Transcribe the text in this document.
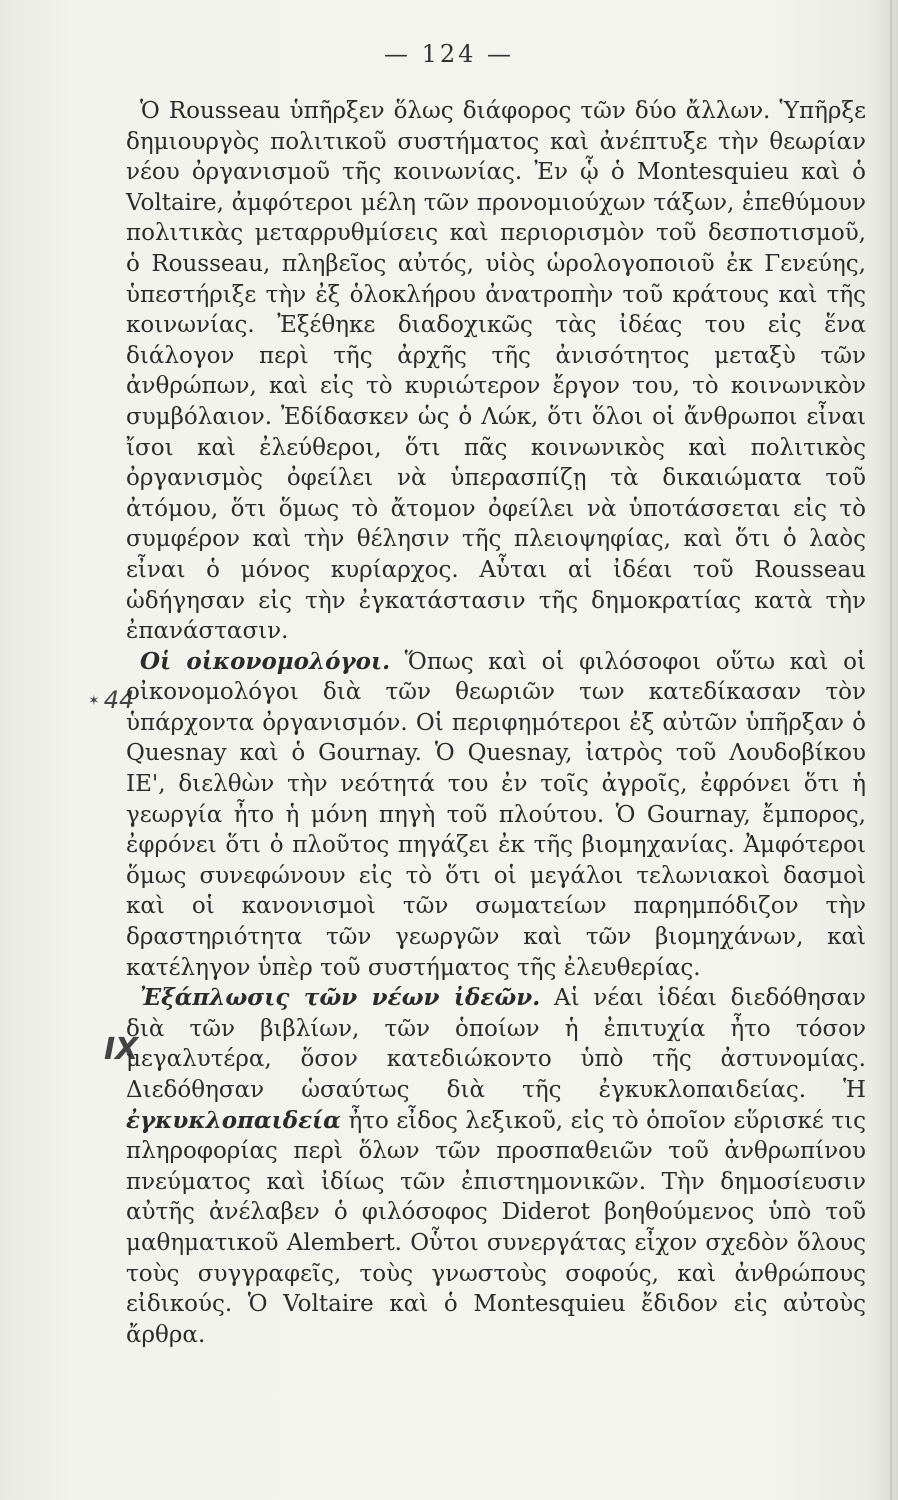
— 124 —
✶ 44
IX

Ὁ Rousseau ὑπῆρξεν ὅλως διάφορος τῶν δύο ἄλλων. Ὑπῆρξε δημιουργὸς πολιτικοῦ συστήματος καὶ ἀνέπτυξε τὴν θεωρίαν νέου ὀργανισμοῦ τῆς κοινωνίας. Ἐν ᾧ ὁ Montesquieu καὶ ὁ Voltaire, ἀμφότεροι μέλη τῶν προνομιούχων τάξων, ἐπεθύμουν πολιτικὰς μεταρρυθμίσεις καὶ περιορισμὸν τοῦ δεσποτισμοῦ, ὁ Rousseau, πληβεῖος αὐτός, υἱὸς ὡρολογοποιοῦ ἐκ Γενεύης, ὑπεστήριξε τὴν ἐξ ὁλοκλήρου ἀνατροπὴν τοῦ κράτους καὶ τῆς κοινωνίας. Ἐξέθηκε διαδοχικῶς τὰς ἰδέας του εἰς ἕνα διάλογον περὶ τῆς ἀρχῆς τῆς ἀνισότητος μεταξὺ τῶν ἀνθρώπων, καὶ εἰς τὸ κυριώτερον ἔργον του, τὸ κοινωνικὸν συμβόλαιον. Ἐδίδασκεν ὡς ὁ Λώκ, ὅτι ὅλοι οἱ ἄνθρωποι εἶναι ἴσοι καὶ ἐλεύθεροι, ὅτι πᾶς κοινωνικὸς καὶ πολιτικὸς ὀργανισμὸς ὀφείλει νὰ ὑπερασπίζῃ τὰ δικαιώματα τοῦ ἀτόμου, ὅτι ὅμως τὸ ἄτομον ὀφείλει νὰ ὑποτάσσεται εἰς τὸ συμφέρον καὶ τὴν θέλησιν τῆς πλειοψηφίας, καὶ ὅτι ὁ λαὸς εἶναι ὁ μόνος κυρίαρχος. Αὗται αἱ ἰδέαι τοῦ Rousseau ὡδήγησαν εἰς τὴν ἐγκατάστασιν τῆς δημοκρατίας κατὰ τὴν ἐπανάστασιν.

Οἱ οἰκονομολόγοι. Ὅπως καὶ οἱ φιλόσοφοι οὕτω καὶ οἱ οἰκονομολόγοι διὰ τῶν θεωριῶν των κατεδίκασαν τὸν ὑπάρχοντα ὀργανισμόν. Οἱ περιφημότεροι ἐξ αὐτῶν ὑπῆρξαν ὁ Quesnay καὶ ὁ Gournay. Ὁ Quesnay, ἰατρὸς τοῦ Λουδοβίκου ΙΕ', διελθὼν τὴν νεότητά του ἐν τοῖς ἀγροῖς, ἐφρόνει ὅτι ἡ γεωργία ἦτο ἡ μόνη πηγὴ τοῦ πλούτου. Ὁ Gournay, ἔμπορος, ἐφρόνει ὅτι ὁ πλοῦτος πηγάζει ἐκ τῆς βιομηχανίας. Ἀμφότεροι ὅμως συνεφώνουν εἰς τὸ ὅτι οἱ μεγάλοι τελωνιακοὶ δασμοὶ καὶ οἱ κανονισμοὶ τῶν σωματείων παρημπόδιζον τὴν δραστηριότητα τῶν γεωργῶν καὶ τῶν βιομηχάνων, καὶ κατέληγον ὑπὲρ τοῦ συστήματος τῆς ἐλευθερίας.

Ἐξάπλωσις τῶν νέων ἰδεῶν. Αἱ νέαι ἰδέαι διεδόθησαν διὰ τῶν βιβλίων, τῶν ὁποίων ἡ ἐπιτυχία ἦτο τόσον μεγαλυτέρα, ὅσον κατεδιώκοντο ὑπὸ τῆς ἀστυνομίας. Διεδόθησαν ὡσαύτως διὰ τῆς ἐγκυκλοπαιδείας. Ἡ ἐγκυκλοπαιδεία ἦτο εἶδος λεξικοῦ, εἰς τὸ ὁποῖον εὕρισκέ τις πληροφορίας περὶ ὅλων τῶν προσπαθειῶν τοῦ ἀνθρωπίνου πνεύματος καὶ ἰδίως τῶν ἐπιστημονικῶν. Τὴν δημοσίευσιν αὐτῆς ἀνέλαβεν ὁ φιλόσοφος Diderot βοηθούμενος ὑπὸ τοῦ μαθηματικοῦ Alembert. Οὗτοι συνεργάτας εἶχον σχεδὸν ὅλους τοὺς συγγραφεῖς, τοὺς γνωστοὺς σοφούς, καὶ ἀνθρώπους εἰδικούς. Ὁ Voltaire καὶ ὁ Montesquieu ἔδιδον εἰς αὐτοὺς ἄρθρα.
